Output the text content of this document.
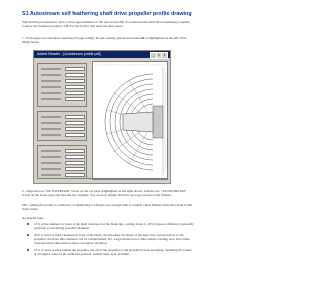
S1 Autostream self feathering shaft drive propeller profile drawing
This drawing is intended to give a close approximation of the size and profile of an Autostream shaft drive feathering propeller, to show the feathered position, which is the form it will need the more space.
1 - Fold pages two and three: ensuring all page scaling, fit and rotating options are turned off as highlighted on the left of the image below.
Adobe Reader - [Autostream profile.pdf]	_	□	x
2 - Align the two "AUTOSTREAM" words on the top page (highlighted on the right above, with the two "AUTOSTREAM" words on the lower page and tape the two together. You can now simply hold this up to get an idea of the fitment.
TIP - Gluing the profile to cardboard, or laminating it will give you enough time to roughly check fitment while the vessel is still in the water.
As general rules -
15% of the diameter or more is the ideal clearance for the blade tips, coming down to 10% if space is limited is generally preferred to sacrificing propeller diameter.
20% or more is ideal clearance in front of the blade, the smoother the shape of the keel, bow and stern flow to the propeller, the more this clearance can be compromised. Etc. Large deadwood or other shapes creating poor flow make clearance more important as these can induce vibration.
15% or more is ideal behind the propeller, the aft of the propeller to the propeller's most steadying, including the rudder at all angles, when in the feathered position, usually there is no problem.
